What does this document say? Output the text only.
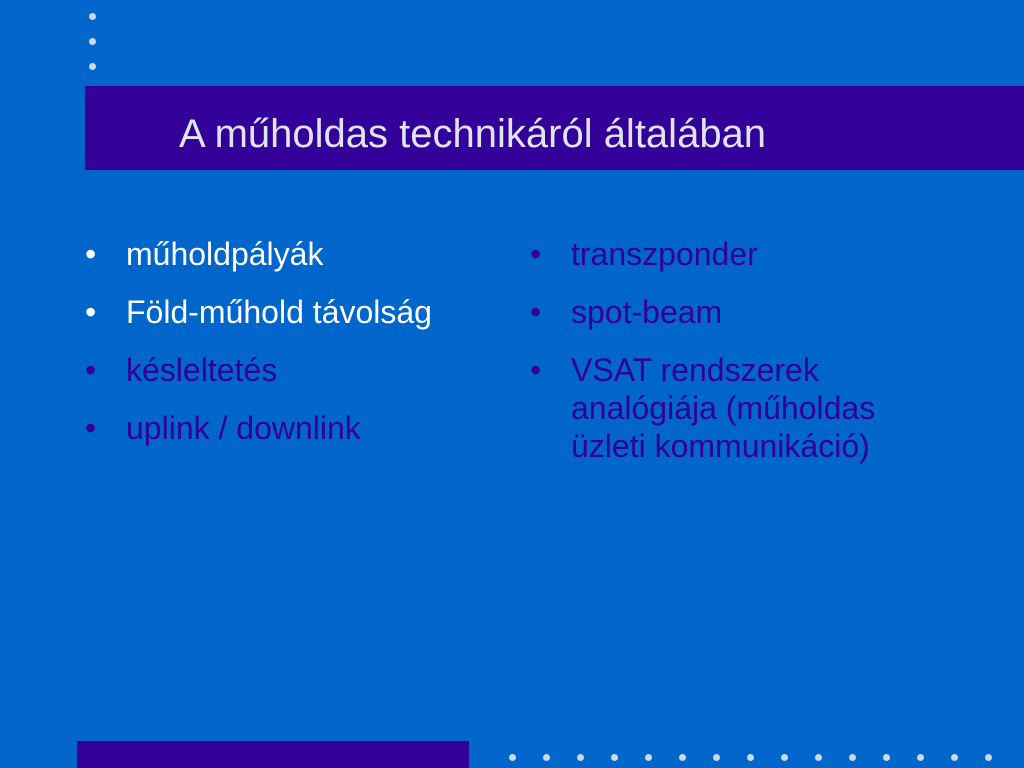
A műholdas technikáról általában
• műholdpályák
• Föld-műhold távolság
• késleltetés
• uplink / downlink
• transzponder
• spot-beam
• VSAT rendszerek analógiája (műholdas üzleti kommunikáció)
